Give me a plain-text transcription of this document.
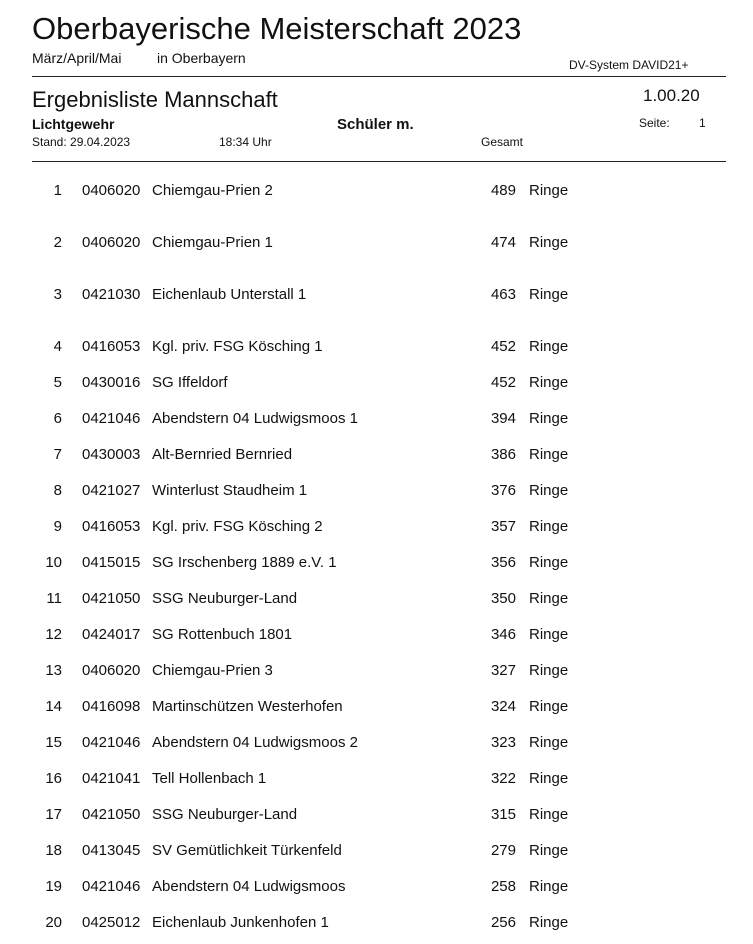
Oberbayerische Meisterschaft 2023
März/April/Mai	in Oberbayern	DV-System DAVID21+
Ergebnisliste Mannschaft	1.00.20
Lichtgewehr	Schüler m.	Seite: 1
Stand: 29.04.2023	18:34 Uhr	Gesamt
1 0406020 Chiemgau-Prien 2	489 Ringe
2 0406020 Chiemgau-Prien 1	474 Ringe
3 0421030 Eichenlaub Unterstall 1	463 Ringe
4 0416053 Kgl. priv. FSG Kösching 1	452 Ringe
5 0430016 SG Iffeldorf	452 Ringe
6 0421046 Abendstern 04 Ludwigsmoos 1	394 Ringe
7 0430003 Alt-Bernried Bernried	386 Ringe
8 0421027 Winterlust Staudheim 1	376 Ringe
9 0416053 Kgl. priv. FSG Kösching 2	357 Ringe
10 0415015 SG Irschenberg 1889 e.V. 1	356 Ringe
11 0421050 SSG Neuburger-Land	350 Ringe
12 0424017 SG Rottenbuch 1801	346 Ringe
13 0406020 Chiemgau-Prien 3	327 Ringe
14 0416098 Martinschützen Westerhofen	324 Ringe
15 0421046 Abendstern 04 Ludwigsmoos 2	323 Ringe
16 0421041 Tell Hollenbach 1	322 Ringe
17 0421050 SSG Neuburger-Land	315 Ringe
18 0413045 SV Gemütlichkeit Türkenfeld	279 Ringe
19 0421046 Abendstern 04 Ludwigsmoos	258 Ringe
20 0425012 Eichenlaub Junkenhofen 1	256 Ringe
